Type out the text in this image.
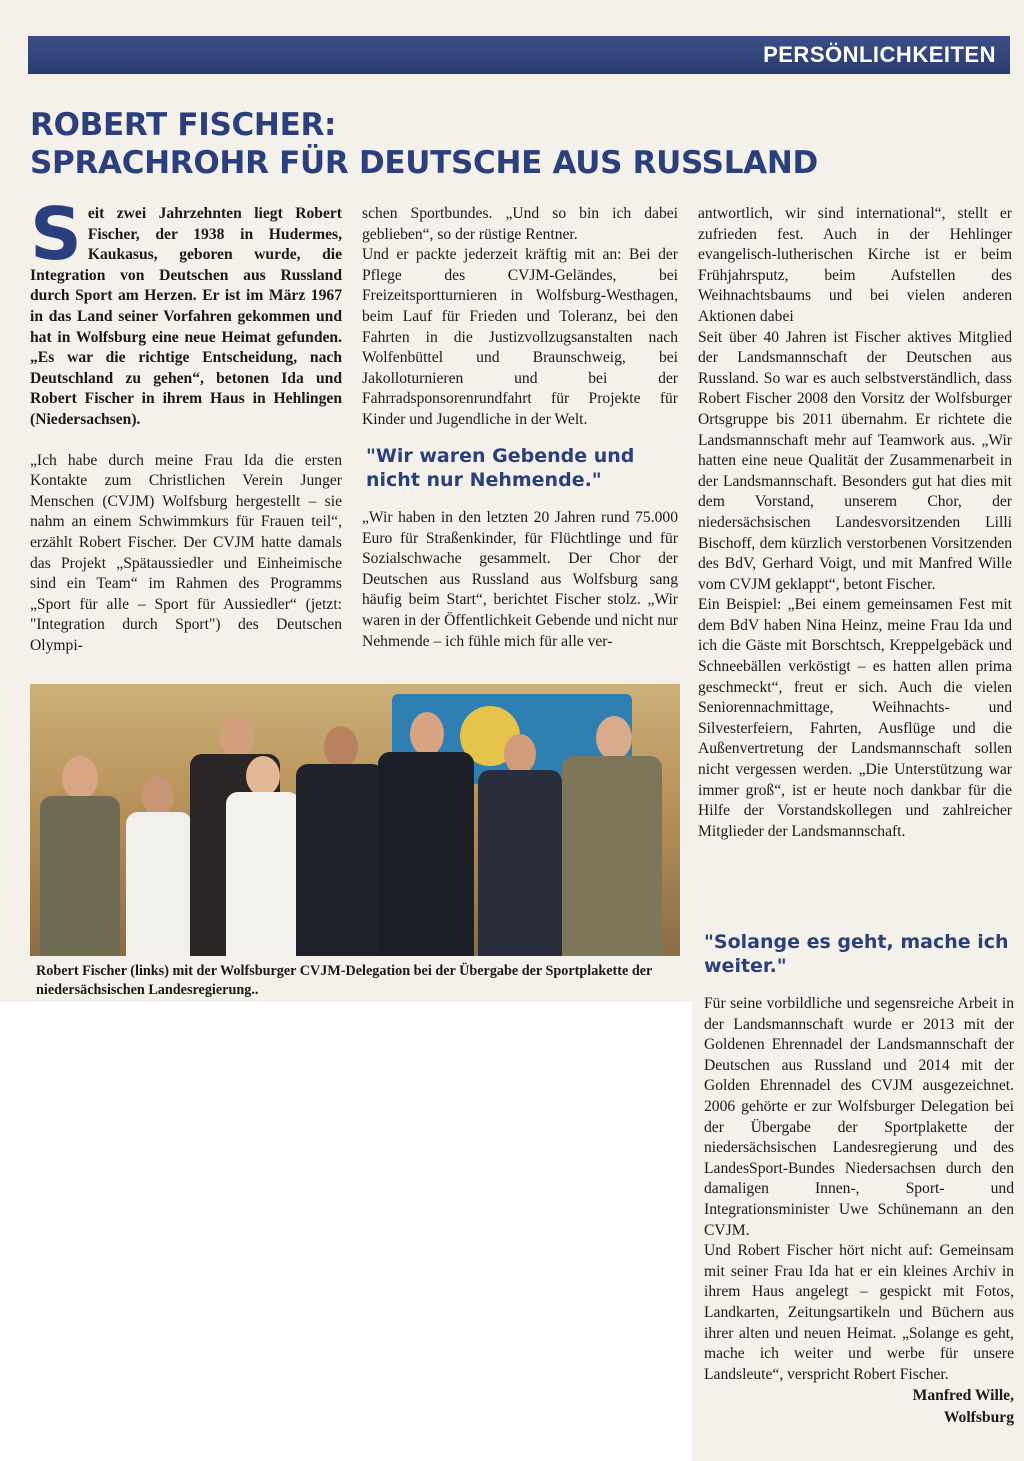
PERSÖNLICHKEITEN
ROBERT FISCHER:
SPRACHROHR FÜR DEUTSCHE AUS RUSSLAND

Seit zwei Jahrzehnten liegt Robert Fischer, der 1938 in Hudermes, Kaukasus, geboren wurde, die Integration von Deutschen aus Russland durch Sport am Herzen. Er ist im März 1967 in das Land seiner Vorfahren gekommen und hat in Wolfsburg eine neue Heimat gefunden. „Es war die richtige Entscheidung, nach Deutschland zu gehen“, betonen Ida und Robert Fischer in ihrem Haus in Hehlingen (Niedersachsen).

„Ich habe durch meine Frau Ida die ersten Kontakte zum Christlichen Verein Junger Menschen (CVJM) Wolfsburg hergestellt – sie nahm an einem Schwimmkurs für Frauen teil“, erzählt Robert Fischer. Der CVJM hatte damals das Projekt „Spätaussiedler und Einheimische sind ein Team“ im Rahmen des Programms „Sport für alle – Sport für Aussiedler“ (jetzt: "Integration durch Sport") des Deutschen Olympi-

schen Sportbundes. „Und so bin ich dabei geblieben“, so der rüstige Rentner.

Und er packte jederzeit kräftig mit an: Bei der Pflege des CVJM-Geländes, bei Freizeitsportturnieren in Wolfsburg-Westhagen, beim Lauf für Frieden und Toleranz, bei den Fahrten in die Justizvollzugsanstalten nach Wolfenbüttel und Braunschweig, bei Jakolloturnieren und bei der Fahrradsponsorenrundfahrt für Projekte für Kinder und Jugendliche in der Welt.

"Wir waren Gebende und nicht nur Nehmende."

„Wir haben in den letzten 20 Jahren rund 75.000 Euro für Straßenkinder, für Flüchtlinge und für Sozialschwache gesammelt. Der Chor der Deutschen aus Russland aus Wolfsburg sang häufig beim Start“, berichtet Fischer stolz. „Wir waren in der Öffentlichkeit Gebende und nicht nur Nehmende – ich fühle mich für alle ver-

antwortlich, wir sind international“, stellt er zufrieden fest. Auch in der Hehlinger evangelisch-lutherischen Kirche ist er beim Frühjahrsputz, beim Aufstellen des Weihnachtsbaums und bei vielen anderen Aktionen dabei

Seit über 40 Jahren ist Fischer aktives Mitglied der Landsmannschaft der Deutschen aus Russland. So war es auch selbstverständlich, dass Robert Fischer 2008 den Vorsitz der Wolfsburger Ortsgruppe bis 2011 übernahm. Er richtete die Landsmannschaft mehr auf Teamwork aus. „Wir hatten eine neue Qualität der Zusammenarbeit in der Landsmannschaft. Besonders gut hat dies mit dem Vorstand, unserem Chor, der niedersächsischen Landesvorsitzenden Lilli Bischoff, dem kürzlich verstorbenen Vorsitzenden des BdV, Gerhard Voigt, und mit Manfred Wille vom CVJM geklappt“, betont Fischer.

Ein Beispiel: „Bei einem gemeinsamen Fest mit dem BdV haben Nina Heinz, meine Frau Ida und ich die Gäste mit Borschtsch, Kreppelgebäck und Schneebällen verköstigt – es hatten allen prima geschmeckt“, freut er sich. Auch die vielen Seniorennachmittage, Weihnachts- und Silvesterfeiern, Fahrten, Ausflüge und die Außenvertretung der Landsmannschaft sollen nicht vergessen werden. „Die Unterstützung war immer groß“, ist er heute noch dankbar für die Hilfe der Vorstandskollegen und zahlreicher Mitglieder der Landsmannschaft.

"Solange es geht, mache ich weiter."

Für seine vorbildliche und segensreiche Arbeit in der Landsmannschaft wurde er 2013 mit der Goldenen Ehrennadel der Landsmannschaft der Deutschen aus Russland und 2014 mit der Golden Ehrennadel des CVJM ausgezeichnet. 2006 gehörte er zur Wolfsburger Delegation bei der Übergabe der Sportplakette der niedersächsischen Landesregierung und des LandesSport-Bundes Niedersachsen durch den damaligen Innen-, Sport- und Integrationsminister Uwe Schünemann an den CVJM.

Und Robert Fischer hört nicht auf: Gemeinsam mit seiner Frau Ida hat er ein kleines Archiv in ihrem Haus angelegt – gespickt mit Fotos, Landkarten, Zeitungsartikeln und Büchern aus ihrer alten und neuen Heimat. „Solange es geht, mache ich weiter und werbe für unsere Landsleute“, verspricht Robert Fischer.

Manfred Wille,
Wolfsburg
Robert Fischer (links) mit der Wolfsburger CVJM-Delegation bei der Übergabe der Sportplakette der niedersächsischen Landesregierung..
